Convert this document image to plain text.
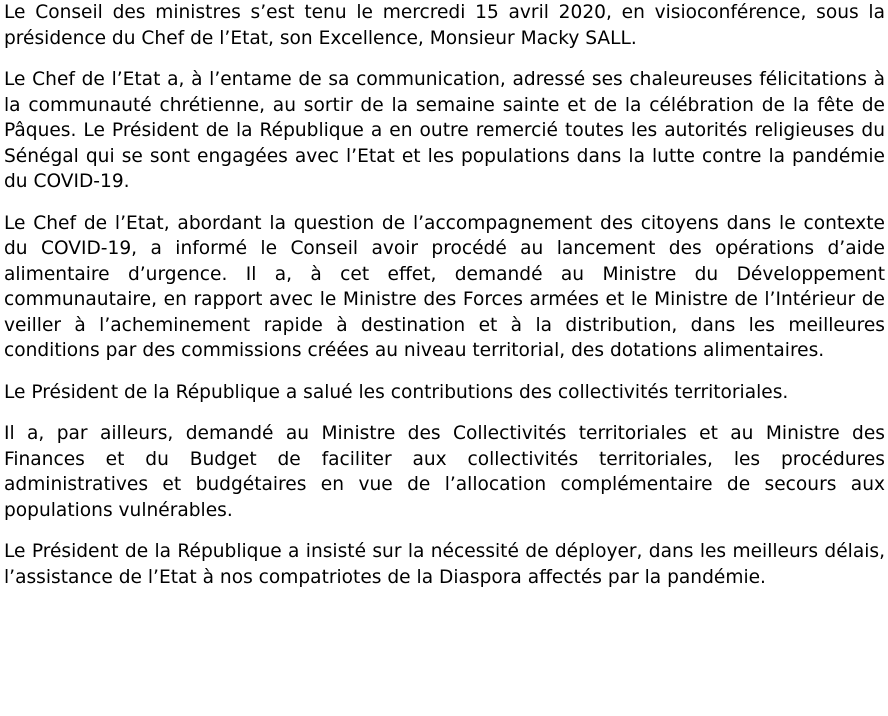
Le Conseil des ministres s’est tenu le mercredi 15 avril 2020, en visioconférence, sous la présidence du Chef de l’Etat, son Excellence, Monsieur Macky SALL.

Le Chef de l’Etat a, à l’entame de sa communication, adressé ses chaleureuses félicitations à la communauté chrétienne, au sortir de la semaine sainte et de la célébration de la fête de Pâques. Le Président de la République a en outre remercié toutes les autorités religieuses du Sénégal qui se sont engagées avec l’Etat et les populations dans la lutte contre la pandémie du COVID-19.

Le Chef de l’Etat, abordant la question de l’accompagnement des citoyens dans le contexte du COVID-19, a informé le Conseil avoir procédé au lancement des opérations d’aide alimentaire d’urgence. Il a, à cet effet, demandé au Ministre du Développement communautaire, en rapport avec le Ministre des Forces armées et le Ministre de l’Intérieur de veiller à l’acheminement rapide à destination et à la distribution, dans les meilleures conditions par des commissions créées au niveau territorial, des dotations alimentaires.

Le Président de la République a salué les contributions des collectivités territoriales.

Il a, par ailleurs, demandé au Ministre des Collectivités territoriales et au Ministre des Finances et du Budget de faciliter aux collectivités territoriales, les procédures administratives et budgétaires en vue de l’allocation complémentaire de secours aux populations vulnérables.

Le Président de la République a insisté sur la nécessité de déployer, dans les meilleurs délais, l’assistance de l’Etat à nos compatriotes de la Diaspora affectés par la pandémie.
